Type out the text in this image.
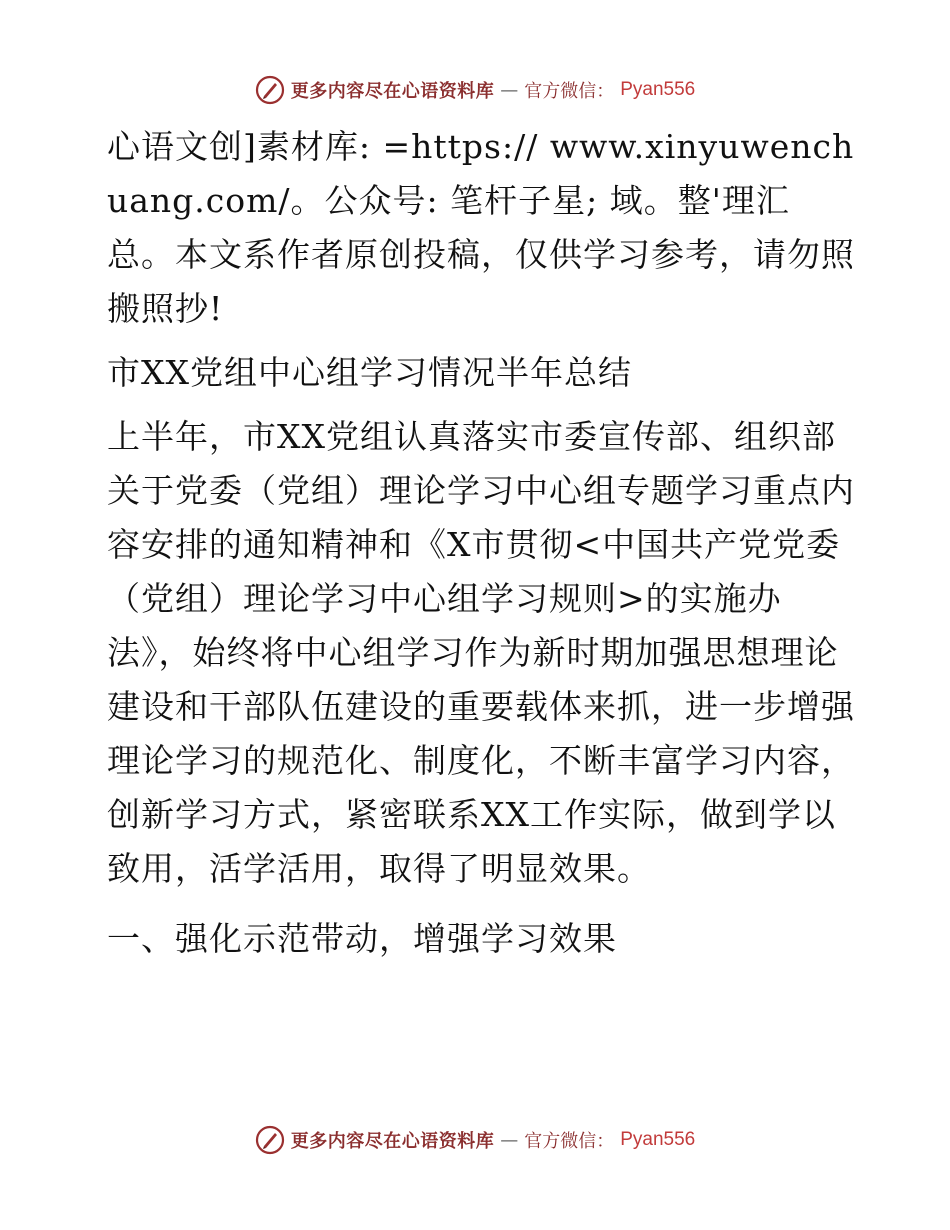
更多内容尽在心语资料库 — 官方微信： Pyan556

心语文创]素材库: =https:// www.xinyuwenchuang.com/。公众号: 笔杆子星; 域。整'理汇总。本文系作者原创投稿，仅供学习参考，请勿照搬照抄!

市XX党组中心组学习情况半年总结

上半年，市XX党组认真落实市委宣传部、组织部关于党委（党组）理论学习中心组专题学习重点内容安排的通知精神和《X市贯彻<中国共产党党委（党组）理论学习中心组学习规则>的实施办法》，始终将中心组学习作为新时期加强思想理论建设和干部队伍建设的重要载体来抓，进一步增强理论学习的规范化、制度化，不断丰富学习内容，创新学习方式，紧密联系XX工作实际，做到学以致用，活学活用，取得了明显效果。

一、强化示范带动，增强学习效果

更多内容尽在心语资料库 — 官方微信： Pyan556
